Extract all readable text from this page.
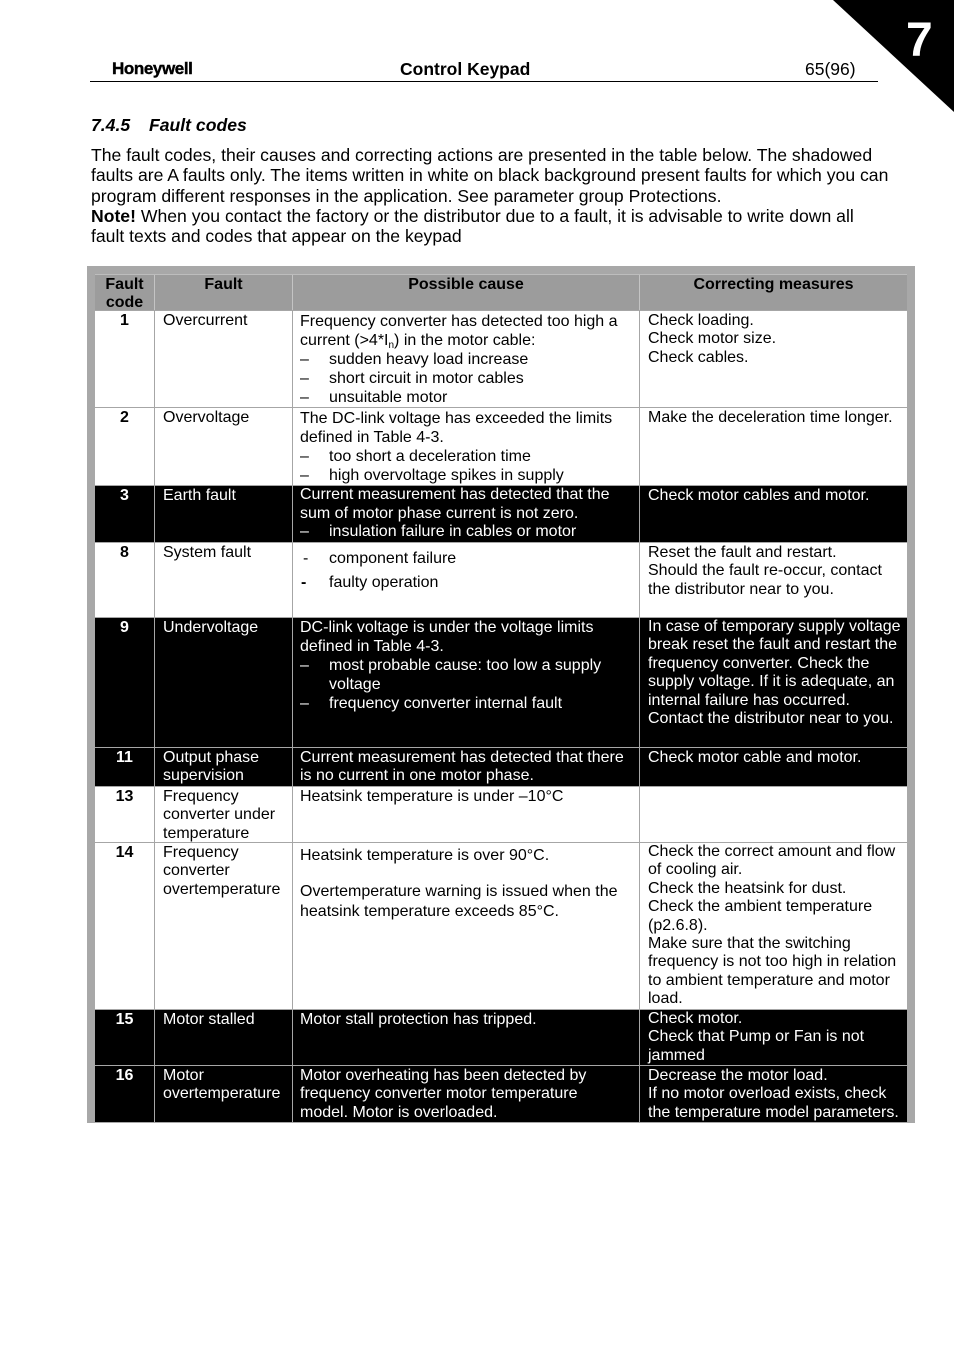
7
Honeywell	Control Keypad	65(96)
7.4.5 Fault codes

The fault codes, their causes and correcting actions are presented in the table below. The shadowed faults are A faults only. The items written in white on black background present faults for which you can program different responses in the application. See parameter group Protections.

Note! When you contact the factory or the distributor due to a fault, it is advisable to write down all fault texts and codes that appear on the keypad

Fault code
Fault	Possible cause	Correcting measures
1	Overcurrent	Frequency converter has detected too high a current $(>4*I_n)$ in the motor cable:
– sudden heavy load increase
– short circuit in motor cables
– unsuitable motor
Check loading.
Check motor size.
Check cables.
2	Overvoltage	The DC-link voltage has exceeded the limits defined in Table 4-3.
– too short a deceleration time
– high overvoltage spikes in supply
Make the deceleration time longer.
3	Earth fault	Current measurement has detected that the sum of motor phase current is not zero.
– insulation failure in cables or motor
Check motor cables and motor.
8	System fault
-	component failure
- faulty operation
Reset the fault and restart.
Should the fault re-occur, contact the distributor near to you.
9	Undervoltage	DC-link voltage is under the voltage limits defined in Table 4-3.
– most probable cause: too low a supply voltage
– frequency converter internal fault
In case of temporary supply voltage break reset the fault and restart the frequency converter. Check the supply voltage. If it is adequate, an internal failure has occurred. Contact the distributor near to you.
11	Output phase supervision
Current measurement has detected that there is no current in one motor phase.
Check motor cable and motor.
13	Frequency converter under temperature
Heatsink temperature is under –10°C
14	Frequency converter overtemperature
Heatsink temperature is over 90°C.
Overtemperature warning is issued when the heatsink temperature exceeds 85°C.
Check the correct amount and flow of cooling air.
Check the heatsink for dust.
Check the ambient temperature (p2.6.8).
Make sure that the switching frequency is not too high in relation to ambient temperature and motor load.
15	Motor stalled	Motor stall protection has tripped.	Check motor.
Check that Pump or Fan is not jammed
16	Motor overtemperature
Motor overheating has been detected by frequency converter motor temperature model. Motor is overloaded.
Decrease the motor load.
If no motor overload exists, check the temperature model parameters.
